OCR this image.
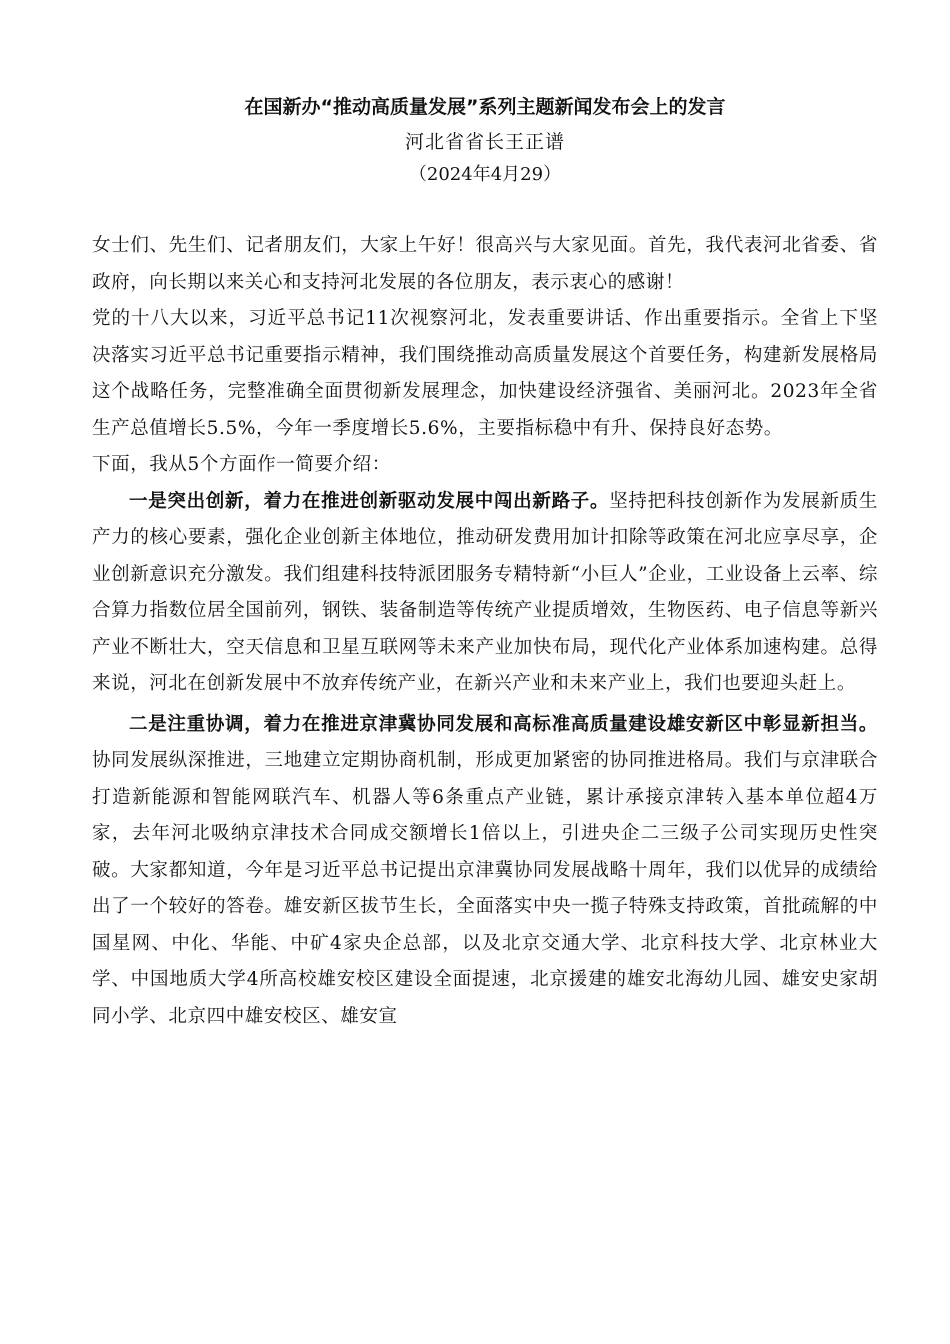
在国新办“推动高质量发展”系列主题新闻发布会上的发言
河北省省长王正谱
（2024年4月29）

女士们、先生们、记者朋友们，大家上午好！很高兴与大家见面。首先，我代表河北省委、省政府，向长期以来关心和支持河北发展的各位朋友，表示衷心的感谢！

党的十八大以来，习近平总书记11次视察河北，发表重要讲话、作出重要指示。全省上下坚决落实习近平总书记重要指示精神，我们围绕推动高质量发展这个首要任务，构建新发展格局这个战略任务，完整准确全面贯彻新发展理念，加快建设经济强省、美丽河北。2023年全省生产总值增长5.5%，今年一季度增长5.6%，主要指标稳中有升、保持良好态势。

下面，我从5个方面作一简要介绍：

一是突出创新，着力在推进创新驱动发展中闯出新路子。坚持把科技创新作为发展新质生产力的核心要素，强化企业创新主体地位，推动研发费用加计扣除等政策在河北应享尽享，企业创新意识充分激发。我们组建科技特派团服务专精特新“小巨人”企业，工业设备上云率、综合算力指数位居全国前列，钢铁、装备制造等传统产业提质增效，生物医药、电子信息等新兴产业不断壮大，空天信息和卫星互联网等未来产业加快布局，现代化产业体系加速构建。总得来说，河北在创新发展中不放弃传统产业，在新兴产业和未来产业上，我们也要迎头赶上。

二是注重协调，着力在推进京津冀协同发展和高标准高质量建设雄安新区中彰显新担当。协同发展纵深推进，三地建立定期协商机制，形成更加紧密的协同推进格局。我们与京津联合打造新能源和智能网联汽车、机器人等6条重点产业链，累计承接京津转入基本单位超4万家，去年河北吸纳京津技术合同成交额增长1倍以上，引进央企二三级子公司实现历史性突破。大家都知道，今年是习近平总书记提出京津冀协同发展战略十周年，我们以优异的成绩给出了一个较好的答卷。雄安新区拔节生长，全面落实中央一揽子特殊支持政策，首批疏解的中国星网、中化、华能、中矿4家央企总部，以及北京交通大学、北京科技大学、北京林业大学、中国地质大学4所高校雄安校区建设全面提速，北京援建的雄安北海幼儿园、雄安史家胡同小学、北京四中雄安校区、雄安宣
